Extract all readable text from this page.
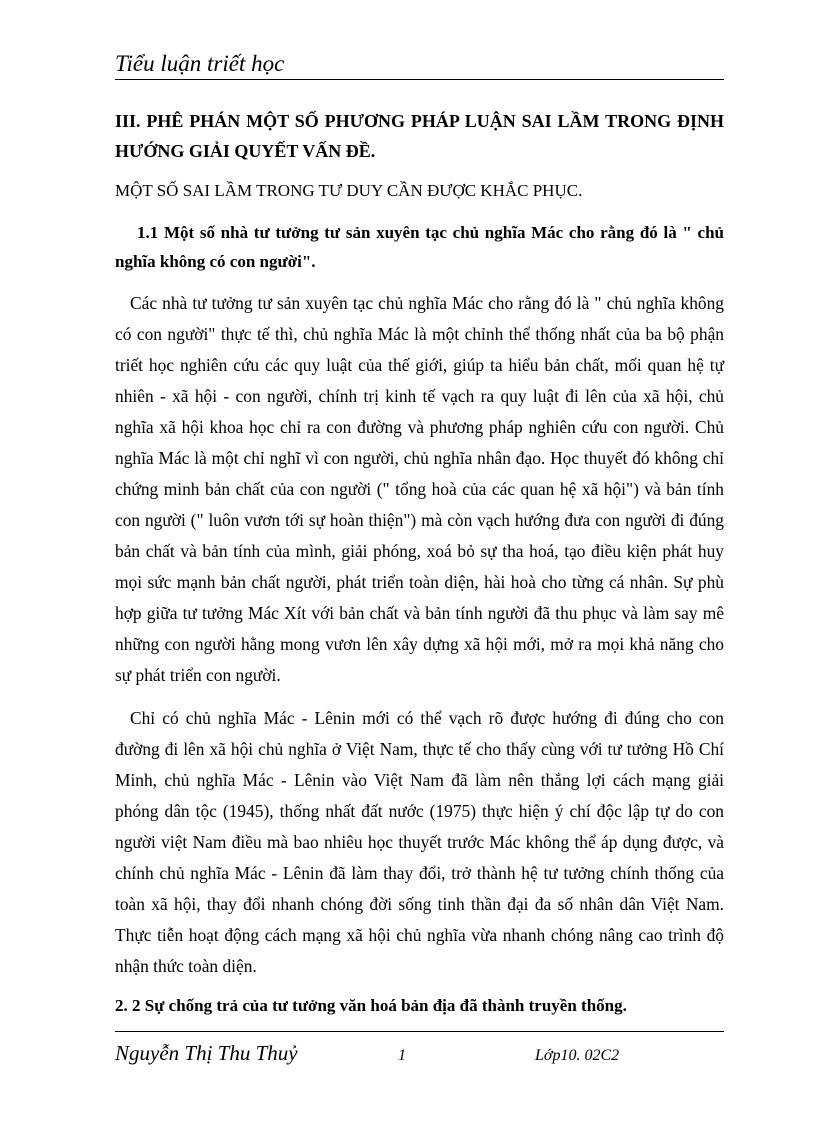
Tiểu luận triết học

III. PHÊ PHÁN MỘT SỐ PHƯƠNG PHÁP LUẬN SAI LẦM TRONG ĐỊNH HƯỚNG GIẢI QUYẾT VẤN ĐỀ.

MỘT SỐ SAI LẦM TRONG TƯ DUY CẦN ĐƯỢC KHẮC PHỤC.

1.1 Một số nhà tư tưởng tư sản xuyên tạc chủ nghĩa Mác cho rằng đó là " chủ nghĩa không có con người".

Các nhà tư tưởng tư sản xuyên tạc chủ nghĩa Mác cho rằng đó là " chủ nghĩa không có con người" thực tế thì, chủ nghĩa Mác là một chỉnh thể thống nhất của ba bộ phận triết học nghiên cứu các quy luật của thế giới, giúp ta hiểu bản chất, mối quan hệ tự nhiên - xã hội - con người, chính trị kinh tế vạch ra quy luật đi lên của xã hội, chủ nghĩa xã hội khoa học chỉ ra con đường và phương pháp nghiên cứu con người. Chủ nghĩa Mác là một chỉ nghĩ vì con người, chủ nghĩa nhân đạo. Học thuyết đó không chỉ chứng minh bản chất của con người (" tổng hoà của các quan hệ xã hội") và bản tính con người (" luôn vươn tới sự hoàn thiện") mà còn vạch hướng đưa con người đi đúng bản chất và bản tính của mình, giải phóng, xoá bỏ sự tha hoá, tạo điều kiện phát huy mọi sức mạnh bản chất người, phát triển toàn diện, hài hoà cho từng cá nhân. Sự phù hợp giữa tư tưởng Mác Xít với bản chất và bản tính người đã thu phục và làm say mê những con người hằng mong vươn lên xây dựng xã hội mới, mở ra mọi khả năng cho sự phát triển con người.

Chỉ có chủ nghĩa Mác - Lênin mới có thể vạch rõ được hướng đi đúng cho con đường đi lên xã hội chủ nghĩa ở Việt Nam, thực tế cho thấy cùng với tư tưởng Hồ Chí Minh, chủ nghĩa Mác - Lênin vào Việt Nam đã làm nên thắng lợi cách mạng giải phóng dân tộc (1945), thống nhất đất nước (1975) thực hiện ý chí độc lập tự do con người việt Nam điều mà bao nhiêu học thuyết trước Mác không thể áp dụng được, và chính chủ nghĩa Mác - Lênin đã làm thay đổi, trở thành hệ tư tưởng chính thống của toàn xã hội, thay đổi nhanh chóng đời sống tinh thần đại đa số nhân dân Việt Nam. Thực tiễn hoạt động cách mạng xã hội chủ nghĩa vừa nhanh chóng nâng cao trình độ nhận thức toàn diện.

2. 2 Sự chống trả của tư tưởng văn hoá bản địa đã thành truyền thống.

Nguyễn Thị Thu Thuỷ	1	Lớp10. 02C2
